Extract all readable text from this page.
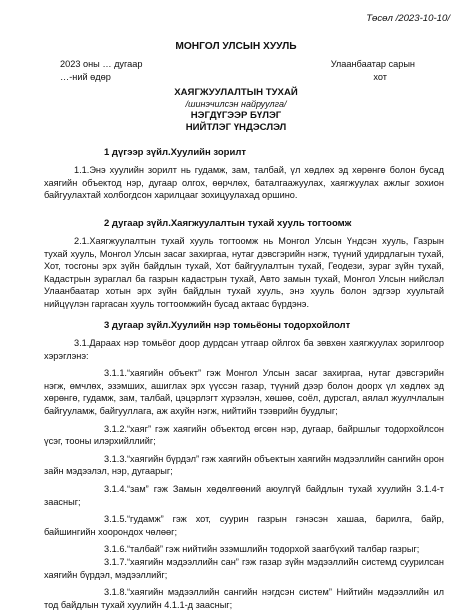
Төсөл /2023-10-10/
МОНГОЛ УЛСЫН ХУУЛЬ
2023 оны … дугаар	Улаанбаатар сарын
…-ний өдөр	хот
ХАЯГЖУУЛАЛТЫН ТУХАЙ
/шинэчилсэн найруулга/
НЭГДҮГЭЭР БҮЛЭГ
НИЙТЛЭГ ҮНДЭСЛЭЛ
1 дүгээр зүйл.Хуулийн зорилт
1.1.Энэ хуулийн зорилт нь гудамж, зам, талбай, үл хөдлөх эд хөрөнгө болон бусад хаягийн объектод нэр, дугаар олгох, өөрчлөх, баталгаажуулах, хаягжуулах ажлыг зохион байгуулахтай холбогдсон харилцааг зохицуулахад оршино.
2 дугаар зүйл.Хаягжуулалтын тухай хууль тогтоомж
2.1.Хаягжуулалтын тухай хууль тогтоомж нь Монгол Улсын Үндсэн хууль, Газрын тухай хууль, Монгол Улсын засаг захиргаа, нутаг дэвсгэрийн нэгж, түүний удирдлагын тухай, Хот, тосгоны эрх зүйн байдлын тухай, Хот байгуулалтын тухай, Геодези, зураг зүйн тухай, Кадастрын зураглал ба газрын кадастрын тухай, Авто замын тухай, Монгол Улсын нийслэл Улаанбаатар хотын эрх зүйн байдлын тухай хууль, энэ хууль болон эдгээр хуультай нийцүүлэн гаргасан хууль тогтоомжийн бусад актаас бүрдэнэ.
3 дугаар зүйл.Хуулийн нэр томьёоны тодорхойлолт
3.1.Дараах нэр томьёог доор дурдсан утгаар ойлгох ба зөвхөн хаягжуулах зорилгоор хэрэглэнэ:
3.1.1.“хаягийн объект” гэж Монгол Улсын засаг захиргаа, нутаг дэвсгэрийн нэгж, өмчлөх, эзэмших, ашиглах эрх үүссэн газар, түүний дээр болон доорх үл хөдлөх эд хөрөнгө, гудамж, зам, талбай, цэцэрлэгт хүрээлэн, хөшөө, соёл, дурсгал, аялал жуулчлалын байгууламж, байгууллага, аж ахуйн нэгж, нийтийн тээврийн буудлыг;
3.1.2.“хаяг” гэж хаягийн объектод өгсөн нэр, дугаар, байршлыг тодорхойлсон үсэг, тооны илэрхийллийг;
3.1.3.“хаягийн бүрдэл” гэж хаягийн объектын хаягийн мэдээллийн сангийн орон зайн мэдээлэл, нэр, дугаарыг;
3.1.4.“зам” гэж Замын хөдөлгөөний аюулгүй байдлын тухай хуулийн 3.1.4-т заасныг;
3.1.5.“гудамж” гэж хот, суурин газрын гэнэсэн хашаа, барилга, байр, байшингийн хоорондох чөлөөг;
3.1.6.“талбай” гэж нийтийн эзэмшлийн тодорхой заагбүхий талбар газрыг;
3.1.7.“хаягийн мэдээллийн сан” гэж газар зүйн мэдээллийн системд суурилсан хаягийн бүрдэл, мэдээллийг;
3.1.8.“хаягийн мэдээллийн сангийн нэгдсэн систем” Нийтийн мэдээллийн ил тод байдлын тухай хуулийн 4.1.1-д заасныг;
